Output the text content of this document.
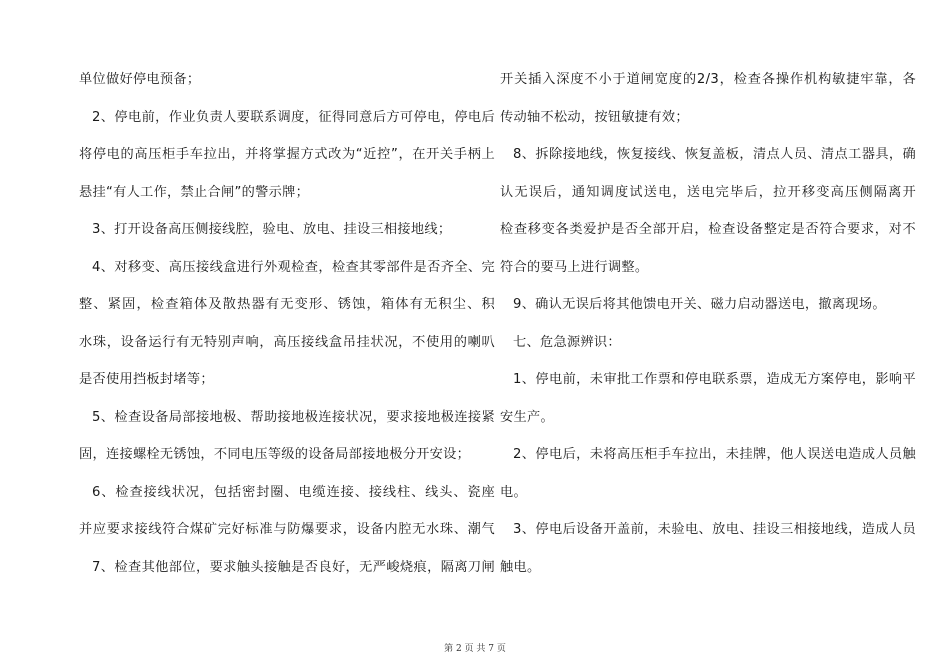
单位做好停电预备；
2、停电前，作业负责人要联系调度，征得同意后方可停电，停电后
将停电的高压柜手车拉出，并将掌握方式改为“近控”，在开关手柄上
悬挂“有人工作，禁止合闸”的警示牌；
3、打开设备高压侧接线腔，验电、放电、挂设三相接地线；
4、对移变、高压接线盒进行外观检查，检查其零部件是否齐全、完
整、紧固，检查箱体及散热器有无变形、锈蚀，箱体有无积尘、积
水珠，设备运行有无特别声响，高压接线盒吊挂状况，不使用的喇叭
是否使用挡板封堵等；
5、检查设备局部接地极、帮助接地极连接状况，要求接地极连接紧
固，连接螺栓无锈蚀，不同电压等级的设备局部接地极分开安设；
6、检查接线状况，包括密封圈、电缆连接、接线柱、线头、瓷座
并应要求接线符合煤矿完好标准与防爆要求，设备内腔无水珠、潮气
7、检查其他部位，要求触头接触是否良好，无严峻烧痕，隔离刀闸
开关插入深度不小于道闸宽度的2/3，检查各操作机构敏捷牢靠，各
传动轴不松动，按钮敏捷有效；
8、拆除接地线，恢复接线、恢复盖板，清点人员、清点工器具，确
认无误后，通知调度试送电，送电完毕后，拉开移变高压侧隔离开
检查移变各类爱护是否全部开启，检查设备整定是否符合要求，对不
符合的要马上进行调整。
9、确认无误后将其他馈电开关、磁力启动器送电，撤离现场。
七、危急源辨识：
1、停电前，未审批工作票和停电联系票，造成无方案停电，影响平
安生产。
2、停电后，未将高压柜手车拉出，未挂牌，他人误送电造成人员触
电。
3、停电后设备开盖前，未验电、放电、挂设三相接地线，造成人员
触电。
第 2 页 共 7 页
